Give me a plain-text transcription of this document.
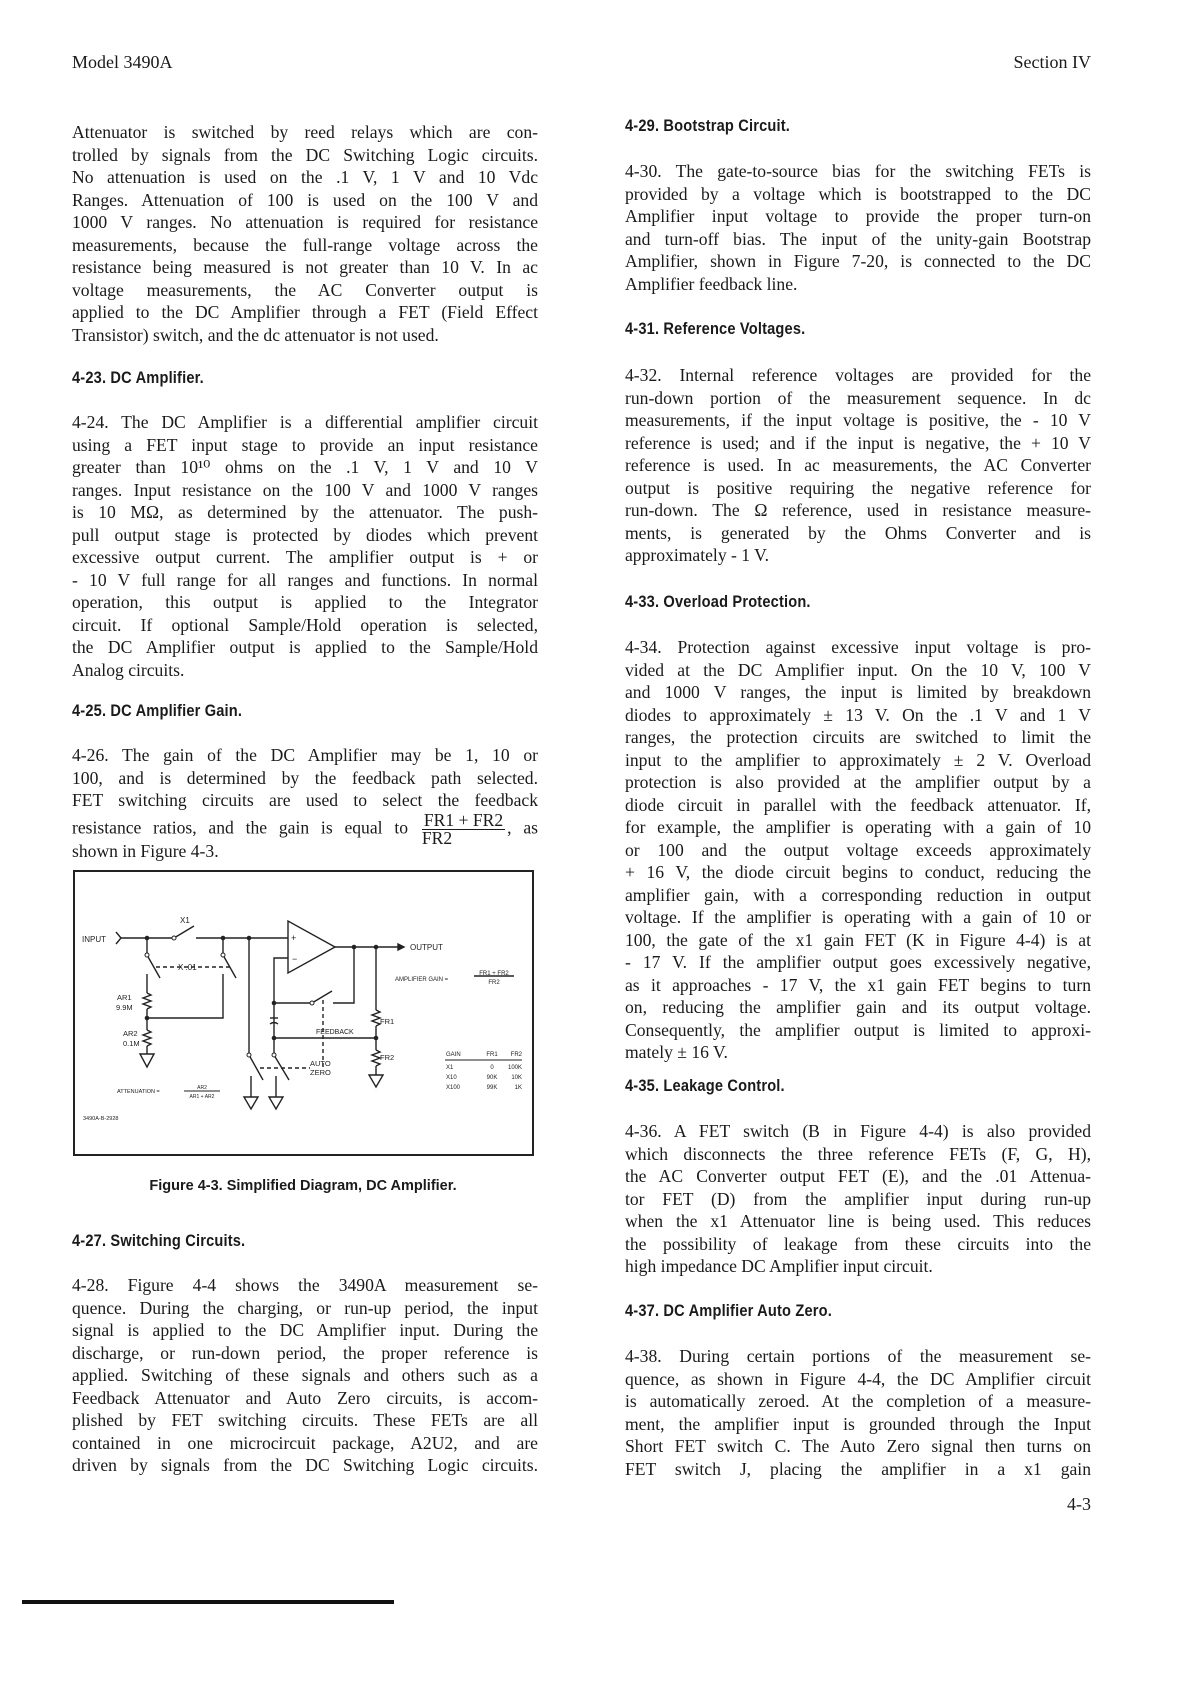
Model 3490A	Section IV
Attenuator is switched by reed relays which are con-
trolled by signals from the DC Switching Logic circuits.
No attenuation is used on the .1 V, 1 V and 10 Vdc
Ranges. Attenuation of 100 is used on the 100 V and
1000 V ranges. No attenuation is required for resistance
measurements, because the full-range voltage across the
resistance being measured is not greater than 10 V. In ac
voltage measurements, the AC Converter output is
applied to the DC Amplifier through a FET (Field Effect
Transistor) switch, and the dc attenuator is not used.
4-23. DC Amplifier.
4-24. The DC Amplifier is a differential amplifier circuit
using a FET input stage to provide an input resistance
greater than 10¹⁰ ohms on the .1 V, 1 V and 10 V
ranges. Input resistance on the 100 V and 1000 V ranges
is 10 MΩ, as determined by the attenuator. The push-
pull output stage is protected by diodes which prevent
excessive output current. The amplifier output is + or
- 10 V full range for all ranges and functions. In normal
operation, this output is applied to the Integrator
circuit. If optional Sample/Hold operation is selected,
the DC Amplifier output is applied to the Sample/Hold
Analog circuits.
4-25. DC Amplifier Gain.
4-26. The gain of the DC Amplifier may be 1, 10 or
100, and is determined by the feedback path selected.
FET switching circuits are used to select the feedback
resistance ratios, and the gain is equal to $\frac{FR1 + FR2}{FR2}$ , as
shown in Figure 4-3.
INPUT
X1
X .01
+
−
OUTPUT
AMPLIFIER GAIN =
FR1 + FR2
FR2
AR1
9.9M
AR2
0.1M
FR1
FR2
FEEDBACK
AUTO
ZERO
ATTENUATION =
AR2
AR1 + AR2
3490A-B-2928
GAIN	FR1 FR2
X1	0 100K
X10	90K 10K
X100	99K	1K
Figure 4-3. Simplified Diagram, DC Amplifier.
4-27. Switching Circuits.
4-28. Figure 4-4 shows the 3490A measurement se-
quence. During the charging, or run-up period, the input
signal is applied to the DC Amplifier input. During the
discharge, or run-down period, the proper reference is
applied. Switching of these signals and others such as a
Feedback Attenuator and Auto Zero circuits, is accom-
plished by FET switching circuits. These FETs are all
contained in one microcircuit package, A2U2, and are
driven by signals from the DC Switching Logic circuits.
4-29. Bootstrap Circuit.
4-30. The gate-to-source bias for the switching FETs is
provided by a voltage which is bootstrapped to the DC
Amplifier input voltage to provide the proper turn-on
and turn-off bias. The input of the unity-gain Bootstrap
Amplifier, shown in Figure 7-20, is connected to the DC
Amplifier feedback line.
4-31. Reference Voltages.
4-32. Internal reference voltages are provided for the
run-down portion of the measurement sequence. In dc
measurements, if the input voltage is positive, the - 10 V
reference is used; and if the input is negative, the + 10 V
reference is used. In ac measurements, the AC Converter
output is positive requiring the negative reference for
run-down. The Ω reference, used in resistance measure-
ments, is generated by the Ohms Converter and is
approximately - 1 V.
4-33. Overload Protection.
4-34. Protection against excessive input voltage is pro-
vided at the DC Amplifier input. On the 10 V, 100 V
and 1000 V ranges, the input is limited by breakdown
diodes to approximately ± 13 V. On the .1 V and 1 V
ranges, the protection circuits are switched to limit the
input to the amplifier to approximately ± 2 V. Overload
protection is also provided at the amplifier output by a
diode circuit in parallel with the feedback attenuator. If,
for example, the amplifier is operating with a gain of 10
or 100 and the output voltage exceeds approximately
+ 16 V, the diode circuit begins to conduct, reducing the
amplifier gain, with a corresponding reduction in output
voltage. If the amplifier is operating with a gain of 10 or
100, the gate of the x1 gain FET (K in Figure 4-4) is at
- 17 V. If the amplifier output goes excessively negative,
as it approaches - 17 V, the x1 gain FET begins to turn
on, reducing the amplifier gain and its output voltage.
Consequently, the amplifier output is limited to approxi-
mately ± 16 V.
4-35. Leakage Control.
4-36. A FET switch (B in Figure 4-4) is also provided
which disconnects the three reference FETs (F, G, H),
the AC Converter output FET (E), and the .01 Attenua-
tor FET (D) from the amplifier input during run-up
when the x1 Attenuator line is being used. This reduces
the possibility of leakage from these circuits into the
high impedance DC Amplifier input circuit.
4-37. DC Amplifier Auto Zero.
4-38. During certain portions of the measurement se-
quence, as shown in Figure 4-4, the DC Amplifier circuit
is automatically zeroed. At the completion of a measure-
ment, the amplifier input is grounded through the Input
Short FET switch C. The Auto Zero signal then turns on
FET switch J, placing the amplifier in a x1 gain
4-3
